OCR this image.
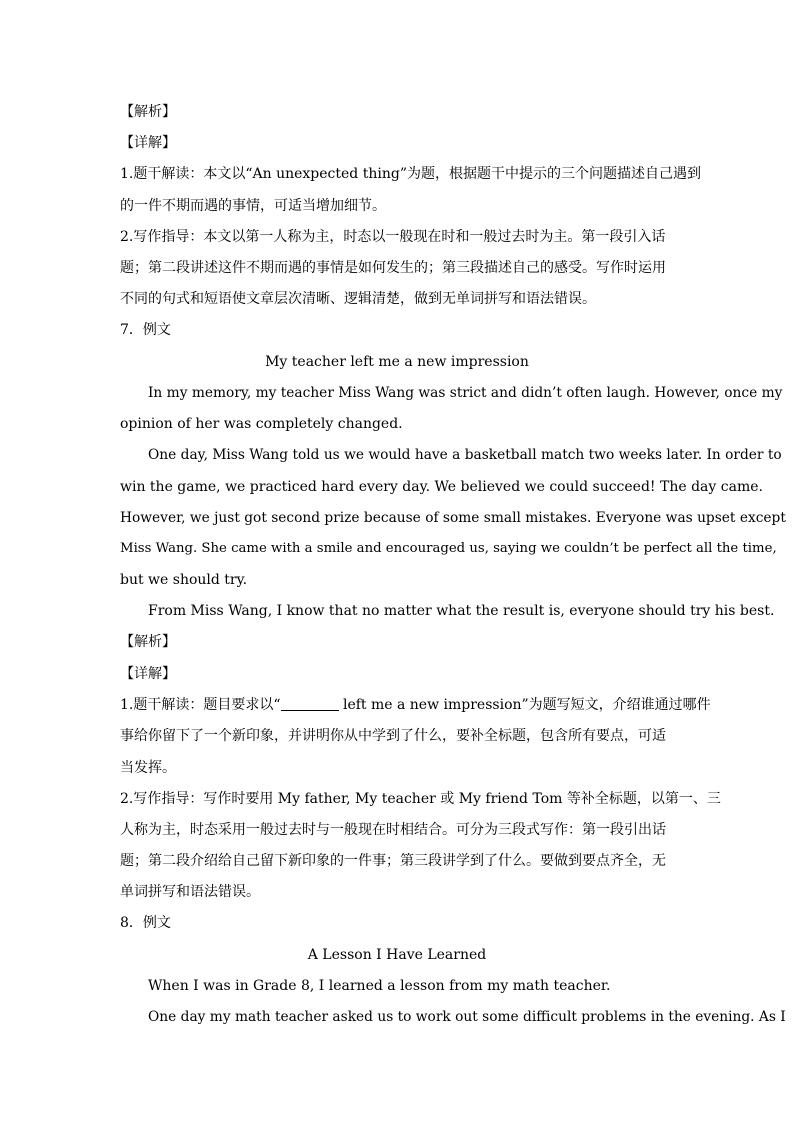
【解析】
【详解】
1.题干解读：本文以“An unexpected thing”为题，根据题干中提示的三个问题描述自己遇到
的一件不期而遇的事情，可适当增加细节。
2.写作指导：本文以第一人称为主，时态以一般现在时和一般过去时为主。第一段引入话
题；第二段讲述这件不期而遇的事情是如何发生的；第三段描述自己的感受。写作时运用
不同的句式和短语使文章层次清晰、逻辑清楚，做到无单词拼写和语法错误。
7．例文
My teacher left me a new impression
In my memory, my teacher Miss Wang was strict and didn’t often laugh. However, once my
opinion of her was completely changed.
One day, Miss Wang told us we would have a basketball match two weeks later. In order to
win the game, we practiced hard every day. We believed we could succeed! The day came.
However, we just got second prize because of some small mistakes. Everyone was upset except
Miss Wang. She came with a smile and encouraged us, saying we couldn’t be perfect all the time,
but we should try.
From Miss Wang, I know that no matter what the result is, everyone should try his best.
【解析】
【详解】
1.题干解读：题目要求以“	left me a new impression”为题写短文，介绍谁通过哪件
事给你留下了一个新印象，并讲明你从中学到了什么，要补全标题，包含所有要点，可适
当发挥。
2.写作指导：写作时要用 My father, My teacher 或 My friend Tom 等补全标题，以第一、三
人称为主，时态采用一般过去时与一般现在时相结合。可分为三段式写作：第一段引出话
题；第二段介绍给自己留下新印象的一件事；第三段讲学到了什么。要做到要点齐全，无
单词拼写和语法错误。
8．例文
A Lesson I Have Learned
When I was in Grade 8, I learned a lesson from my math teacher.
One day my math teacher asked us to work out some difficult problems in the evening. As I
